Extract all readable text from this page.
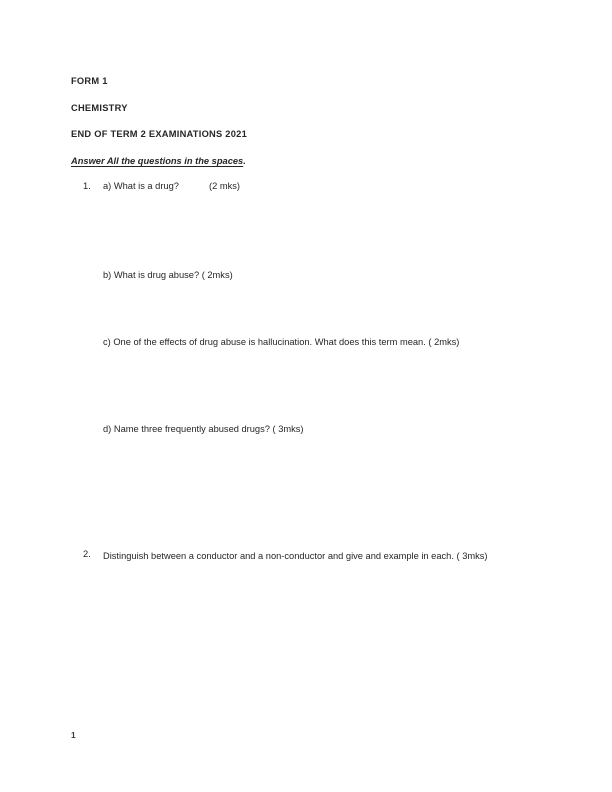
FORM 1
CHEMISTRY
END OF TERM 2 EXAMINATIONS 2021
Answer All the questions in the spaces.
1.	a) What is a drug?	(2 mks)
b) What is drug abuse? ( 2mks)
c) One of the effects of drug abuse is hallucination. What does this term mean. ( 2mks)
d) Name three frequently abused drugs? ( 3mks)
2.	Distinguish between a conductor and a non-conductor and give and example in each. ( 3mks)
1
